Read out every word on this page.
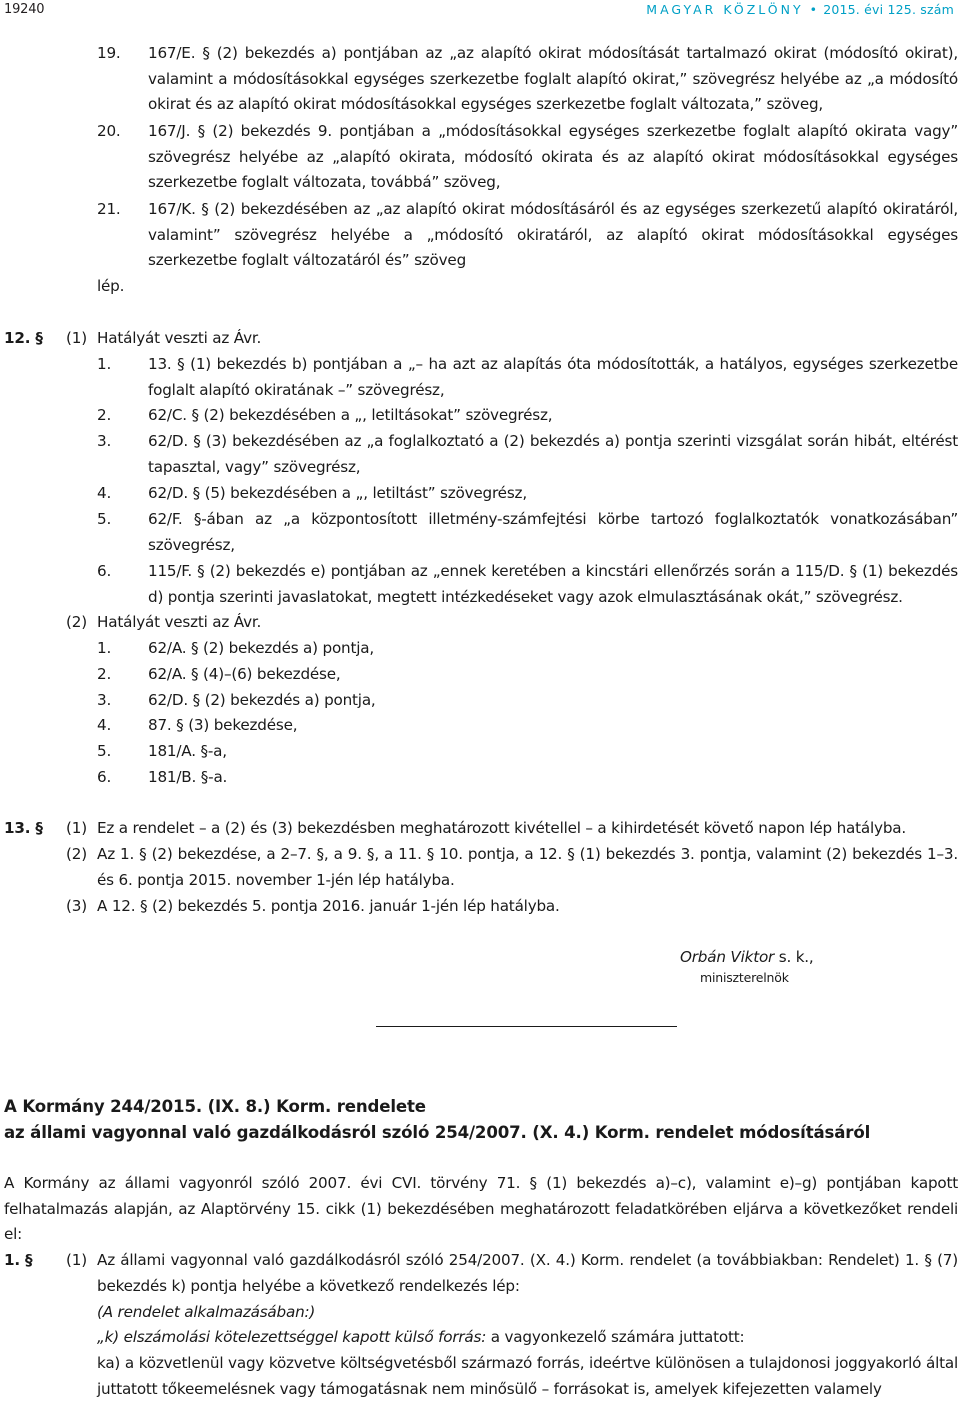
19240	MAGYAR KÖZLÖNY • 2015. évi 125. szám
19. 167/E. § (2) bekezdés a) pontjában az „az alapító okirat módosítását tartalmazó okirat (módosító okirat), valamint a módosításokkal egységes szerkezetbe foglalt alapító okirat,” szövegrész helyébe az „a módosító okirat és az alapító okirat módosításokkal egységes szerkezetbe foglalt változata,” szöveg,
20. 167/J. § (2) bekezdés 9. pontjában a „módosításokkal egységes szerkezetbe foglalt alapító okirata vagy” szövegrész helyébe az „alapító okirata, módosító okirata és az alapító okirat módosításokkal egységes szerkezetbe foglalt változata, továbbá” szöveg,
21. 167/K. § (2) bekezdésében az „az alapító okirat módosításáról és az egységes szerkezetű alapító okiratáról, valamint” szövegrész helyébe a „módosító okiratáról, az alapító okirat módosításokkal egységes szerkezetbe foglalt változatáról és” szöveg
lép.
12. § (1) Hatályát veszti az Ávr.
1. 13. § (1) bekezdés b) pontjában a „– ha azt az alapítás óta módosították, a hatályos, egységes szerkezetbe foglalt alapító okiratának –” szövegrész,
2. 62/C. § (2) bekezdésében a „, letiltásokat” szövegrész,
3. 62/D. § (3) bekezdésében az „a foglalkoztató a (2) bekezdés a) pontja szerinti vizsgálat során hibát, eltérést tapasztal, vagy” szövegrész,
4. 62/D. § (5) bekezdésében a „, letiltást” szövegrész,
5. 62/F. §-ában az „a központosított illetmény-számfejtési körbe tartozó foglalkoztatók vonatkozásában” szövegrész,
6. 115/F. § (2) bekezdés e) pontjában az „ennek keretében a kincstári ellenőrzés során a 115/D. § (1) bekezdés d) pontja szerinti javaslatokat, megtett intézkedéseket vagy azok elmulasztásának okát,” szövegrész.
(2) Hatályát veszti az Ávr.
1. 62/A. § (2) bekezdés a) pontja,
2. 62/A. § (4)–(6) bekezdése,
3. 62/D. § (2) bekezdés a) pontja,
4. 87. § (3) bekezdése,
5. 181/A. §-a,
6. 181/B. §-a.
13. § (1) Ez a rendelet – a (2) és (3) bekezdésben meghatározott kivétellel – a kihirdetését követő napon lép hatályba.
(2) Az 1. § (2) bekezdése, a 2–7. §, a 9. §, a 11. § 10. pontja, a 12. § (1) bekezdés 3. pontja, valamint (2) bekezdés 1–3. és 6. pontja 2015. november 1-jén lép hatályba.
(3) A 12. § (2) bekezdés 5. pontja 2016. január 1-jén lép hatályba.
Orbán Viktor s. k.,
miniszterelnök
A Kormány 244/2015. (IX. 8.) Korm. rendelete
az állami vagyonnal való gazdálkodásról szóló 254/2007. (X. 4.) Korm. rendelet módosításáról
A Kormány az állami vagyonról szóló 2007. évi CVI. törvény 71. § (1) bekezdés a)–c), valamint e)–g) pontjában kapott felhatalmazás alapján, az Alaptörvény 15. cikk (1) bekezdésében meghatározott feladatkörében eljárva a következőket rendeli el:
1. § (1) Az állami vagyonnal való gazdálkodásról szóló 254/2007. (X. 4.) Korm. rendelet (a továbbiakban: Rendelet) 1. § (7) bekezdés k) pontja helyébe a következő rendelkezés lép:
(A rendelet alkalmazásában:)
„k) elszámolási kötelezettséggel kapott külső forrás: a vagyonkezelő számára juttatott:
ka) a közvetlenül vagy közvetve költségvetésből származó forrás, ideértve különösen a tulajdonosi joggyakorló által juttatott tőkeemelésnek vagy támogatásnak nem minősülő – forrásokat is, amelyek kifejezetten valamely
